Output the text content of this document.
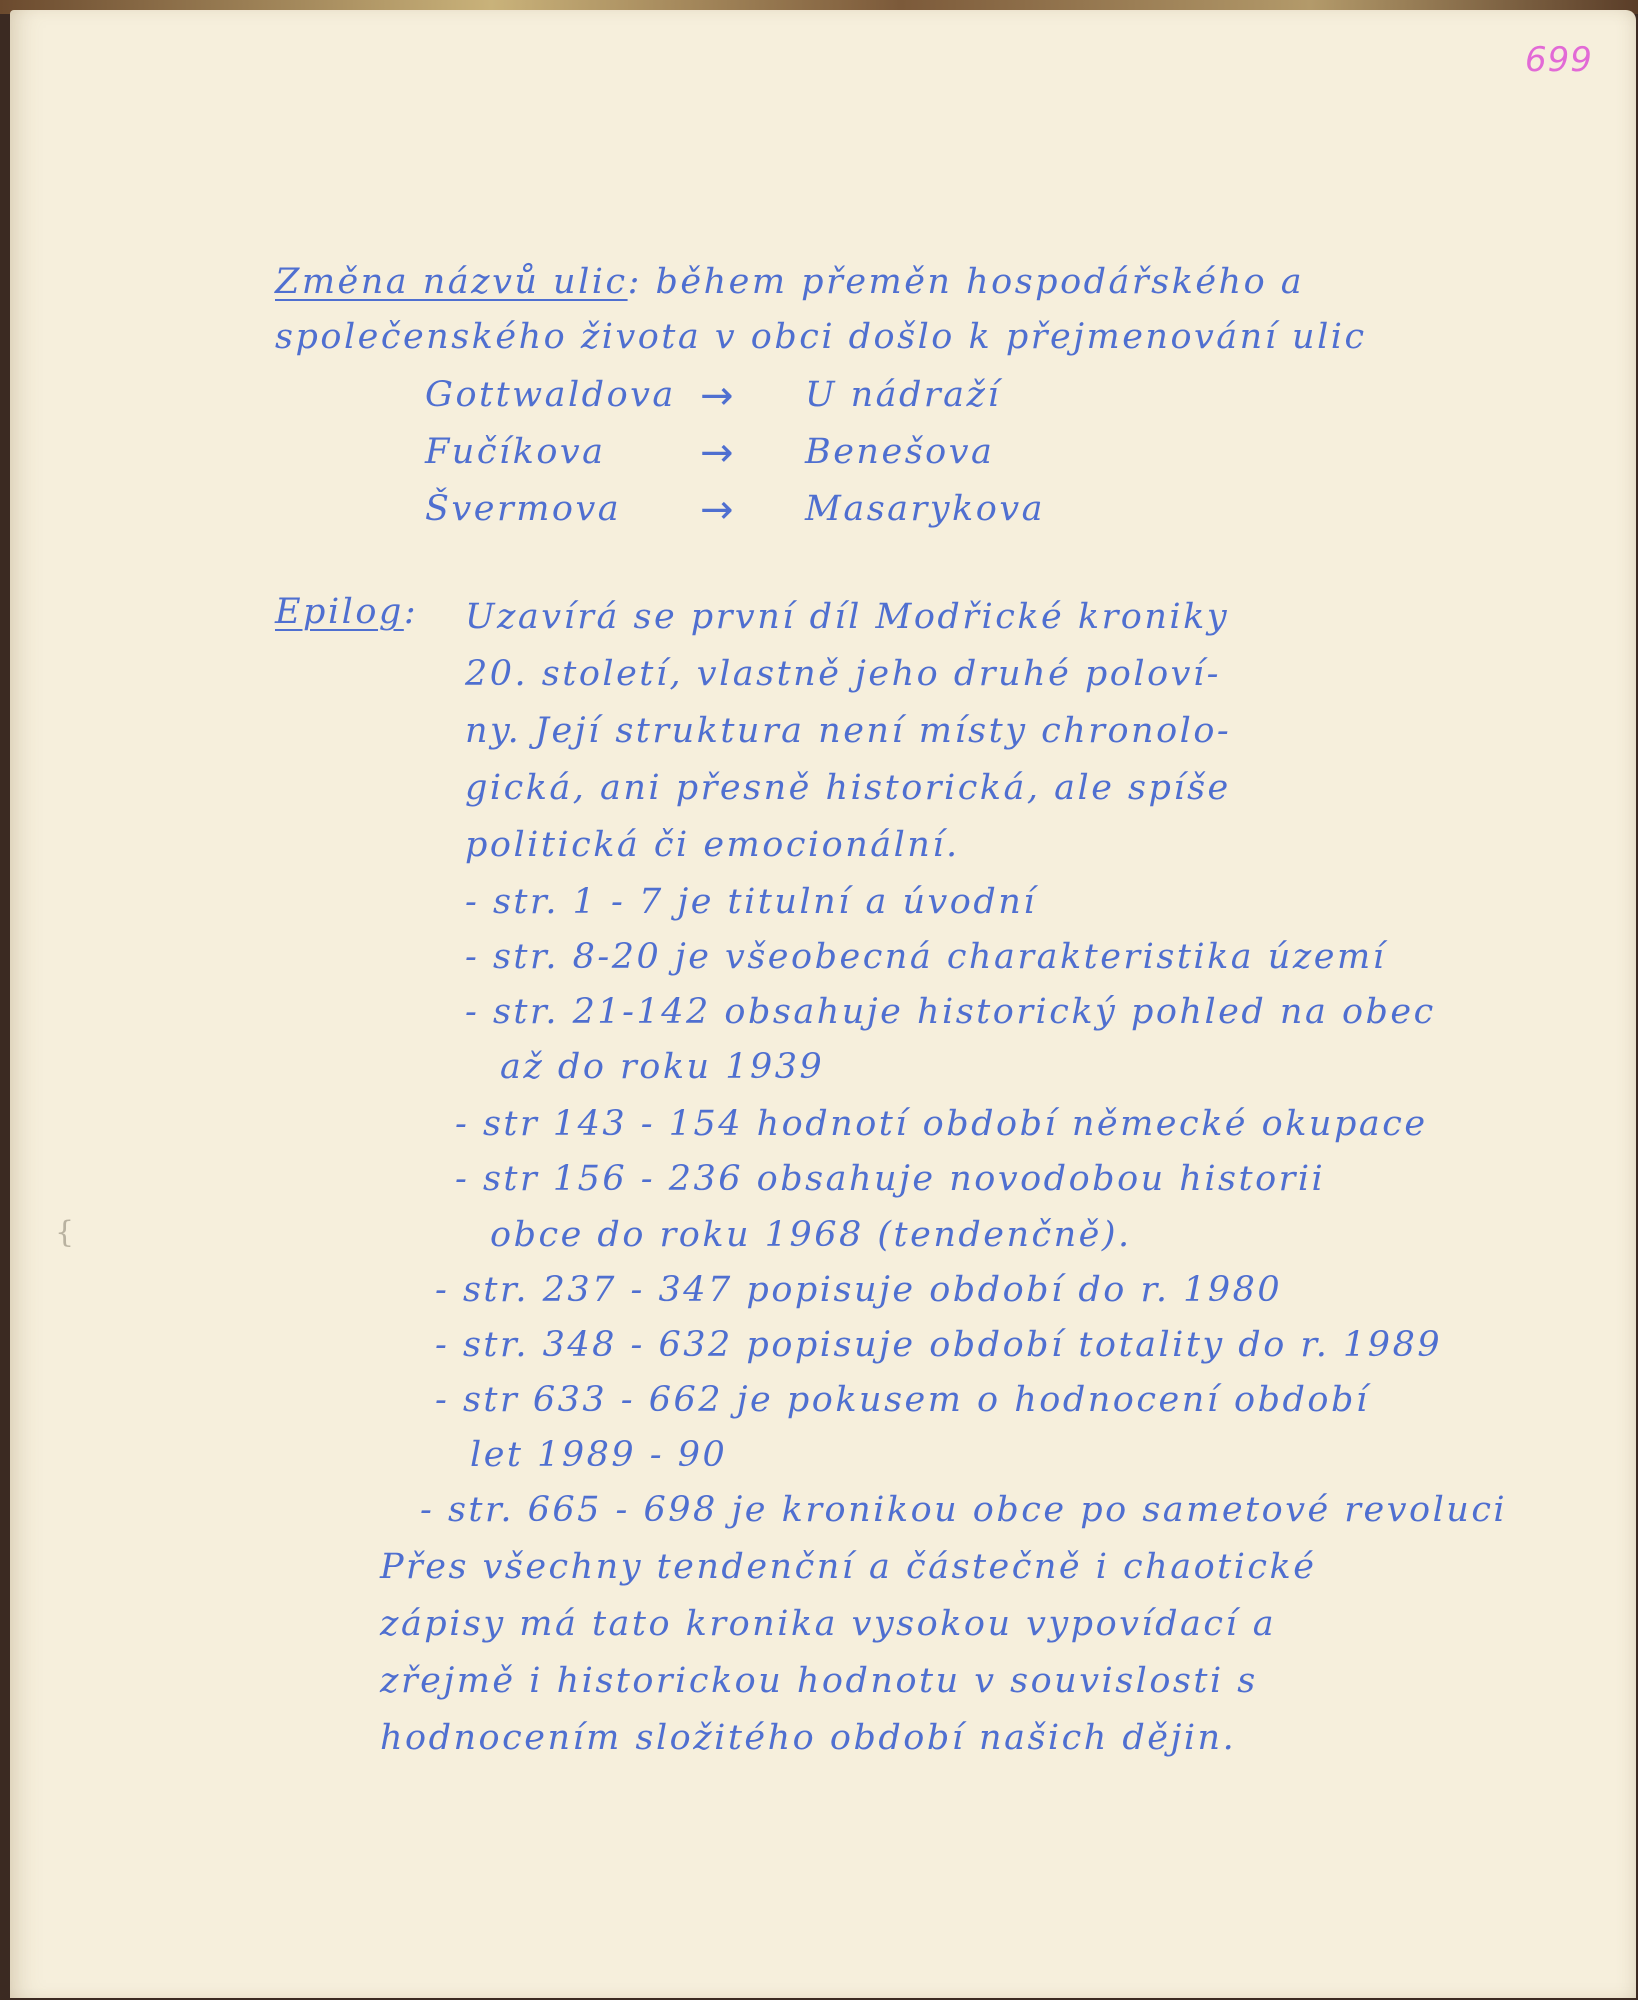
699
Změna názvů ulic: během přeměn hospodářského a
společenského života v obci došlo k přejmenování ulic
Gottwaldova → U nádraží
Fučíkova → Benešova
Švermova → Masarykova
Epilog: Uzavírá se první díl Modřické kroniky
20. století, vlastně jeho druhé poloví-
ny. Její struktura není místy chronolo-
gická, ani přesně historická, ale spíše
politická či emocionální.
- str. 1 - 7 je titulní a úvodní
- str. 8-20 je všeobecná charakteristika území
- str. 21-142 obsahuje historický pohled na obec
až do roku 1939
- str 143 - 154 hodnotí období německé okupace
- str 156 - 236 obsahuje novodobou historii
obce do roku 1968 (tendenčně).
- str. 237 - 347 popisuje období do r. 1980
- str. 348 - 632 popisuje období totality do r. 1989
- str 633 - 662 je pokusem o hodnocení období
let 1989 - 90
- str. 665 - 698 je kronikou obce po sametové revoluci
Přes všechny tendenční a částečně i chaotické
zápisy má tato kronika vysokou vypovídací a
zřejmě i historickou hodnotu v souvislosti s
hodnocením složitého období našich dějin.
{
